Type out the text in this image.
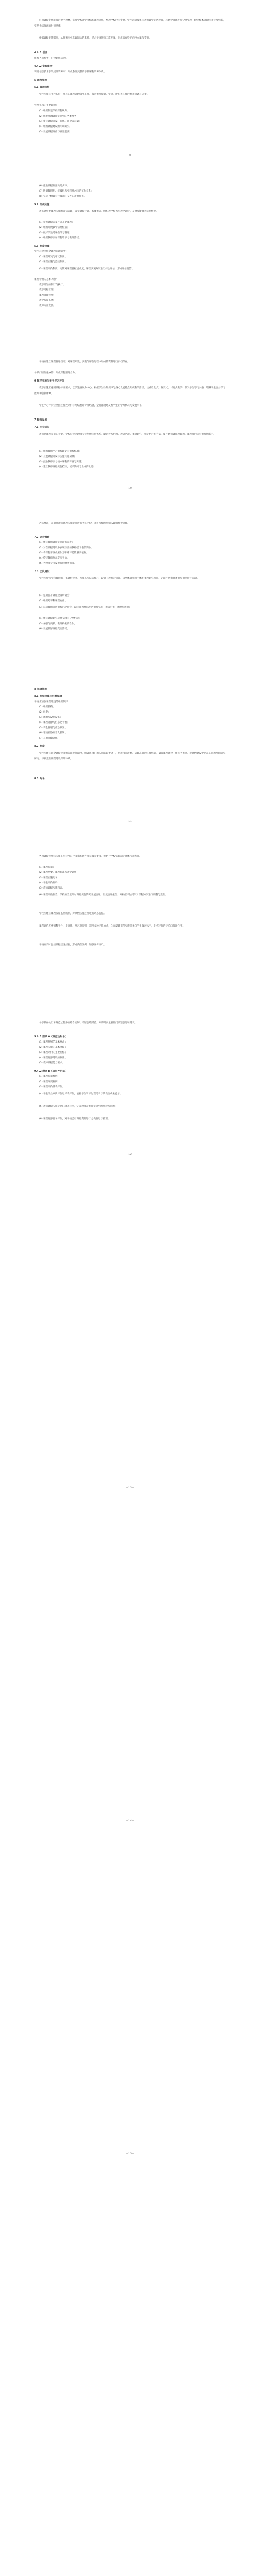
应用课程资源丰富的数字教材，依据学校教学目标和课程规划，整理学校已有资源、学生活动成果与教师教学实践经验，将教学资源进行分类整理，建立校本资源库并持续更新，实现优质资源的共享共建。
根据课程实施需要，从资源库中选取适合的素材，结合学情进行二次开发，形成具有特色的校本课程资源。
4.4.1 创设
组织人员配置，开设研修活动。
4.4.2 资源建设
利用信息技术手段建设资源库，形成系统完整的学校课程资源体系。
5 课程管理
5.1 管理机构
学校应成立由校长担任组长的课程管理领导小组，负责课程规划、实施、评价等工作的统筹协调与决策。
管理机构的主要职责：
(1) 组织制定学校课程规划；
(2) 统筹协调课程实施中的各类事务；
(3) 审议课程开发、选修、评价等方案；
(4) 组织课程建设的专项研究；
(5) 开展课程评估与质量监测。
—9—
(6) 推进课程资源共建共享；
(7) 协调教研组、年级组与学科组之间的工作关系；
(8) 完成上级教育行政部门交办的其他任务。
5.2 组织实施
教务处负责课程实施的日常管理，落实课程计划，编排课表，组织教学检查与教学评价，及时反馈课程实施情况。
(1) 按照课程方案开齐开足课程；
(2) 组织开展教学常规检查；
(3) 做好学生选课指导与管理；
(4) 组织教师参加课程培训与教研活动；
5.3 制度保障
学校应建立健全课程管理制度：
(1) 课程开发与审议制度；
(2) 课程实施与监控制度；
(3) 课程评价制度，定期对课程目标达成度、课程实施效果进行综合评估，形成评估报告；
课程管理的基本内容：
教学计划的制订与执行；
教学过程管理；
课程资源管理；
教学质量监测；
教师专业发展；
—10—
学校应建立课程管理档案，对课程开发、实施与评价过程中形成的资料进行归档保存。
各部门应加强协作，形成课程管理合力。
6 教学实施与学生学习评价
教学实施应遵循课程标准要求，以学生发展为中心，根据学生认知规律与身心发展特点组织教学活动，注重启发式、探究式、讨论式教学，激发学生学习兴趣，培养学生自主学习能力和创新精神。
学生学习评价应坚持过程性评价与终结性评价相结合，全面客观地反映学生的学习状况与发展水平。
7 教师发展
7.1 专业成长
教师是课程实施的关键。学校应建立教师专业发展支持体系，通过校本培训、教研活动、课题研究、师徒结对等方式，提升教师课程理解力、课程执行力与课程创新力。
(1) 组织教师学习课程理论与课程标准；
(2) 开展课程开发与实施专题研修；
(3) 鼓励教师参与校本课程的开发与实施；
(4) 建立教师课程实施档案，记录教师专业成长轨迹；
—11—
严格要求，定期对教师课程实施能力进行考核评价，并将考核结果纳入教师绩效管理。
7.2 评价激励
(1) 建立教师课程实施评价制度；
(2) 对在课程建设中表现突出的教师给予表彰奖励；
(3) 将课程开发成果作为职称评聘的重要依据；
(4) 搭建教师展示交流平台；
(5) 为教师专业发展提供经费保障。
7.3 团队建设
学校应加强学科教研组、备课组建设，形成以校长为核心、以骨干教师为引领、以全体教师为主体的课程研究团队，定期开展集体备课与课例研讨活动。
(1) 定期召开课程建设研讨会；
(2) 组织跨学科课程协作；
(3) 鼓励教师开展课程行动研究，以问题为导向改进课程实施，形成可推广的经验成果；
(4) 建立课程研究成果交流与分享机制；
(5) 加强与高校、教研机构的合作。
(6) 开展校际课程交流活动。
—12—
8 保障措施
8.1 组织保障与经费保障
学校应加强课程建设的组织领导：
(1) 组织机构；
(2) 经费；
(3) 场地与设施设备；
(4) 课程资源与信息化平台；
(5) 安全管理与应急预案；
(6) 家校社协同育人机制；
(7) 其他保障条件。
8.2 制度
学校应建立健全课程建设的各项规章制度，明确各部门和人员的职责分工，形成权责清晰、运转高效的工作机制，确保课程建设工作有序推进。对课程建设中存在的问题及时研究解决，不断完善课程建设保障体系。
8.3 附录
—13—
各项课程管理与实施工作应当符合国家和地方相关政策要求，并结合学校实际制定具体实施方案。
(1) 课程方案；
(2) 课程纲要、课程标准与教学计划；
(3) 课程实施记录；
(4) 学生评价资料；
(5) 教师课程实施档案；
(6) 课程评估报告。学校应当定期对课程实施情况开展自评，形成自评报告，并根据评估结果对课程方案进行调整与完善。
学校应建立课程质量监测机制，对课程实施过程进行动态监控。
课程评价应遵循科学性、发展性、多元性原则，采用多种评价方式，全面反映课程实施效果与学生发展水平，发挥评价的导向与激励作用。
学校应及时总结课程建设经验，形成典型案例，加强宣传推广。
—14—
各学校在执行本规范过程中应结合实际，不断总结经验，并及时向主管部门反馈意见和建议。
9.4.1 附录 A（规范性附录）
(1) 课程规划的基本要求；
(2) 课程实施的基本流程；
(3) 课程评价的主要指标；
(4) 课程资源建设的标准；
(5) 教师课程能力要求；
9.4.2 附录 B（资料性附录）
(1) 课程方案样例；
(2) 课程纲要样例；
(3) 课程评价量表样例；
(4) 学生综合素质评价记录表样例，包括学生学习过程记录与阶段性成果展示；
(5) 教师课程实施反思记录表样例，记录教师在课程实施中的经验与问题；
(6) 课程资源目录样例，对学校已有课程资源进行分类登记与管理；
—15—
